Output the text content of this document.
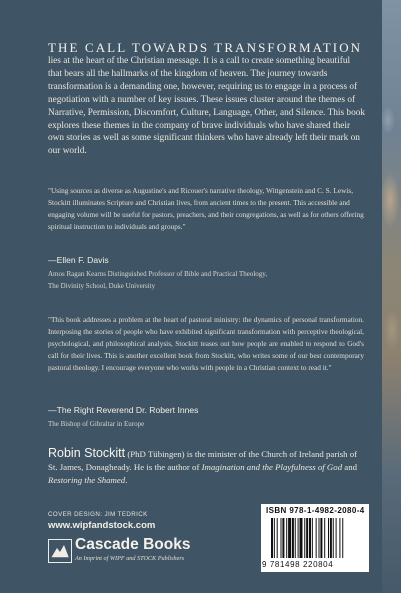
THE CALL TOWARDS TRANSFORMATION

lies at the heart of the Christian message. It is a call to create something beautiful that bears all the hallmarks of the kingdom of heaven. The journey towards transformation is a demanding one, however, requiring us to engage in a process of negotiation with a number of key issues. These issues cluster around the themes of Narrative, Permission, Discomfort, Culture, Language, Other, and Silence. This book explores these themes in the company of brave individuals who have shared their own stories as well as some significant thinkers who have already left their mark on our world.

"Using sources as diverse as Augustine's and Ricouer's narrative theology, Wittgenstein and C. S. Lewis, Stockitt illuminates Scripture and Christian lives, from ancient times to the present. This accessible and engaging volume will be useful for pastors, preachers, and their congregations, as well as for others offering spiritual instruction to individuals and groups."

—Ellen F. Davis

Amos Ragan Kearns Distinguished Professor of Bible and Practical Theology,
The Divinity School, Duke University

"This book addresses a problem at the heart of pastoral ministry: the dynamics of personal transformation. Interposing the stories of people who have exhibited significant transformation with perceptive theological, psychological, and philosophical analysis, Stockitt teases out how people are enabled to respond to God's call for their lives. This is another excellent book from Stockitt, who writes some of our best contemporary pastoral theology. I encourage everyone who works with people in a Christian context to read it."

—The Right Reverend Dr. Robert Innes

The Bishop of Gibraltar in Europe

Robin Stockitt (PhD Tübingen) is the minister of the Church of Ireland parish of St. James, Donagheady. He is the author of Imagination and the Playfulness of God and Restoring the Shamed.

COVER DESIGN: JIM TEDRICK
www.wipfandstock.com
Cascade Books
An Imprint of WIPF and STOCK Publishers
ISBN 978-1-4982-2080-4
9 781498 220804
